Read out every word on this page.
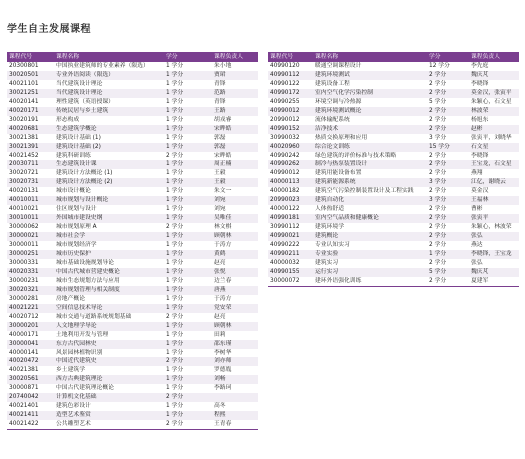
学生自主发展课程
课程代号	课程名称	学分	课程负责人
20300801	中国执业建筑师的专业素养（限选）	1 学分	朱小地
30020501	专业外语阅读（限选）	1 学分	贾珺
40021101	当代建筑设计理论	1 学分	青锋
30021251	当代建筑设计理论	1 学分	范路
40020141	理性建筑（英语授课）	1 学分	青锋
40020171	传统民居与乡土建筑	1 学分	王路
30020191	形态构成	1 学分	胡戎睿
40020681	生态建筑学概论	1 学分	宋晔皓
30021381	建筑设计基础 (1)	1 学分	郭磊
30021391	建筑设计基础 (2)	1 学分	郭磊
40021452	建筑科研训练	2 学分	宋晔皓
20030711	生态建筑设计课	1 学分	周正楠
30020721	建筑设计方法概论 (1)	1 学分	王毅
30020731	建筑设计方法概论 (2)	1 学分	王毅
40020131	城市设计概论	1 学分	朱文一
40010011	城市规划与设计概论	1 学分	刘宛
40010021	住区规划与设计	1 学分	刘宛
30010011	外国城市建设史纲	1 学分	吴唯佳
30000062	城市规划原理 A	2 学分	林文棋
30000021	城市社会学	1 学分	顾朝林
30000011	城市规划经济学	1 学分	于涛方
30000251	城市历史保护	1 学分	黄鹤
30000331	城市基础设施规划导论	1 学分	赵亮
40020331	中国古代城市营建史概论	1 学分	张悦
30000231	城市生态规划方法与应用	1 学分	边兰春
30020321	城市规划管理与相关制度	1 学分	唐燕
30000281	房地产概论	1 学分	于涛方
40021221	空间信息技术导论	1 学分	党安荣
40020712	城市交通与道路系统规划基础	2 学分	赵亮
30000201	人文地理学导论	1 学分	顾朝林
40000171	土地利用开发与管理	1 学分	田莉
30000041	东方古代园林史	1 学分	邵东瑾
40000141	风景园林植物识别	1 学分	李树华
40020472	中国近代建筑史	2 学分	刘亦师
40021381	乡土建筑学	1 学分	罗德胤
30020561	西方古典建筑理论	1 学分	刘畅
30000871	中国古代建筑理论概论	1 学分	李路珂
20740042	计算机文化基础	2 学分	
40021401	建筑色彩设计	1 学分	高冬
40021411	造型艺术鉴赏	1 学分	程熙
40021422	公共雕塑艺术	2 学分	王青春
课程代号	课程名称	学分	课程负责人
40990120	暖通空调课程设计	12 学分	李先庭
40990112	建筑环境测试	2 学分	魏庆芃
40990122	建筑设备工程	2 学分	李晓锋
40990172	室内空气化学污染控制	2 学分	莫金汉，张寅平
40990255	环境空调与冷热源	5 学分	朱颖心，石文星
40990012	建筑环境测试概论	2 学分	林波荣
20990012	流体输配系统	2 学分	杨旭东
40990152	洁净技术	2 学分	赵彬
30990032	热质交换原理和应用	3 学分	张寅平，刘晓华
40020960	综合论文训练	15 学分	石文星
40990242	绿色建筑的评价标准与技术策略	2 学分	李晓锋
40990262	制冷与热泵装置设计	2 学分	王宝龙，石文星
40990012	建筑用能设备布置	2 学分	燕翔
40000113	建筑新能源系统	3 学分	江亿，谢晓云
40000182	建筑空气污染控制装置设计及工程实践	2 学分	莫金汉
20990023	建筑自动化	3 学分	王福林
40000122	人体热舒适	2 学分	曹彬
40990181	室内空气品质和健康概论	2 学分	张寅平
30990112	建筑环境学	2 学分	朱颖心，林波荣
40990021	建筑概论	2 学分	张弘
40990222	专业认知实习	2 学分	燕达
40990211	专业实验	1 学分	李晓锋，王宝龙
40000032	建筑实习	2 学分	张弘
40990155	运行实习	5 学分	魏庆芃
30000072	建环外语强化训练	2 学分	夏建军
